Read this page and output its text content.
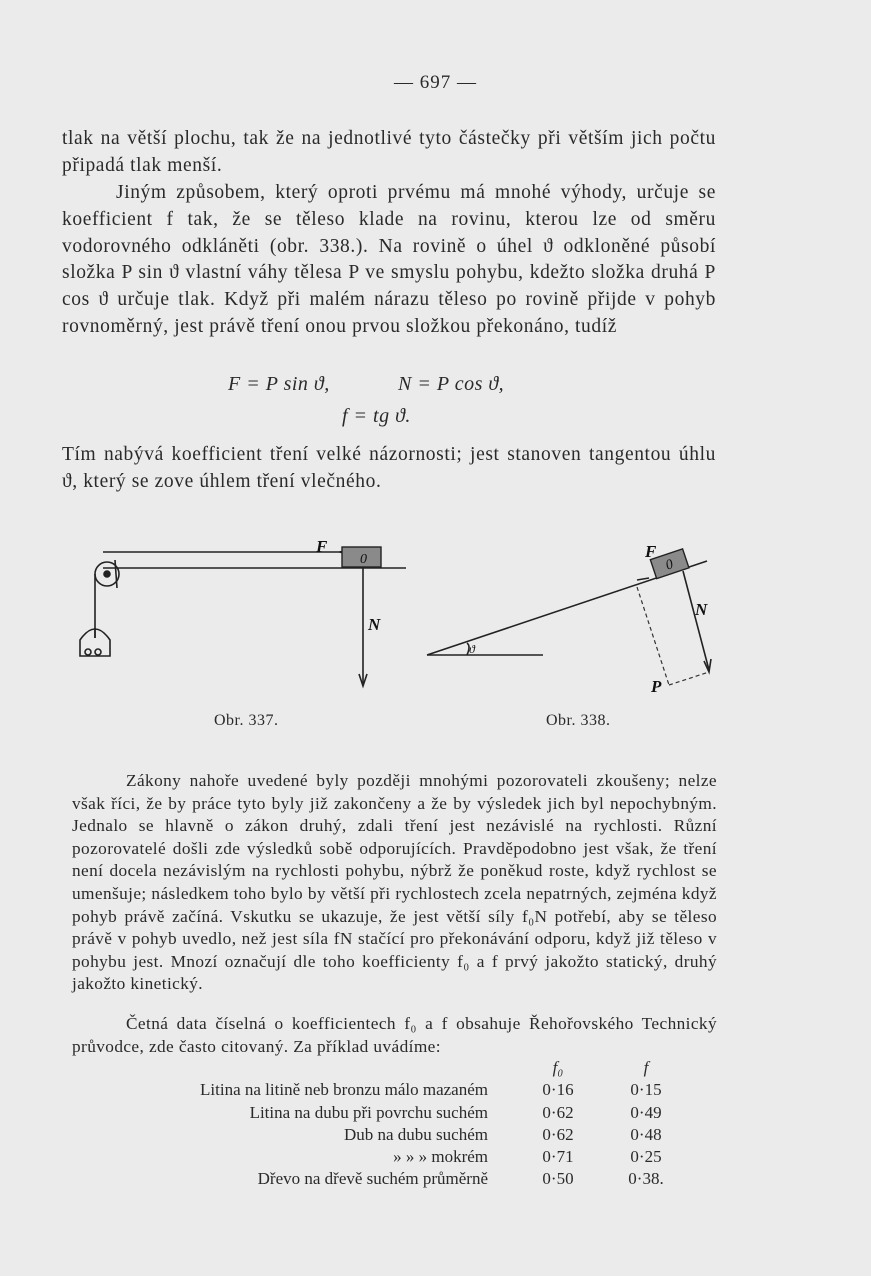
— 697 —

tlak na větší plochu, tak že na jednotlivé tyto částečky při větším jich počtu připadá tlak menší.

Jiným způsobem, který oproti prvému má mnohé výhody, určuje se koefficient f tak, že se těleso klade na rovinu, kterou lze od směru vodorovného odkláněti (obr. 338.). Na rovině o úhel ϑ odkloněné působí složka P sin ϑ vlastní váhy tělesa P ve smyslu pohybu, kdežto složka druhá P cos ϑ určuje tlak. Když při malém nárazu těleso po rovině přijde v pohyb rovnoměrný, jest právě tření onou prvou složkou překonáno, tudíž

F = P sin ϑ,	N = P cos ϑ,
f = tg ϑ.

Tím nabývá koefficient tření velké názornosti; jest stanoven tangentou úhlu ϑ, který se zove úhlem tření vlečného.

0
F
N
0
F
N
P
ϑ
Obr. 337.	Obr. 338.

Zákony nahoře uvedené byly později mnohými pozorovateli zkoušeny; nelze však říci, že by práce tyto byly již zakončeny a že by výsledek jich byl nepochybným. Jednalo se hlavně o zákon druhý, zdali tření jest nezávislé na rychlosti. Různí pozorovatelé došli zde výsledků sobě odporujících. Pravděpodobno jest však, že tření není docela nezávislým na rychlosti pohybu, nýbrž že poněkud roste, když rychlost se umenšuje; následkem toho bylo by větší při rychlostech zcela nepatrných, zejména když pohyb právě začíná. Vskutku se ukazuje, že jest větší síly f₀N potřebí, aby se těleso právě v pohyb uvedlo, než jest síla fN stačící pro překonávání odporu, když již těleso v pohybu jest. Mnozí označují dle toho koefficienty f₀ a f prvý jakožto statický, druhý jakožto kinetický.

Četná data číselná o koefficientech f₀ a f obsahuje Řehořovského Technický průvodce, zde často citovaný. Za příklad uvádíme:

f₀	f
Litina na litině neb bronzu málo mazaném	0·16	0·15
Litina na dubu při povrchu suchém	0·62	0·49
Dub na dubu suchém	0·62	0·48
» » » mokrém	0·71	0·25
Dřevo na dřevě suchém průměrně	0·50	0·38.
